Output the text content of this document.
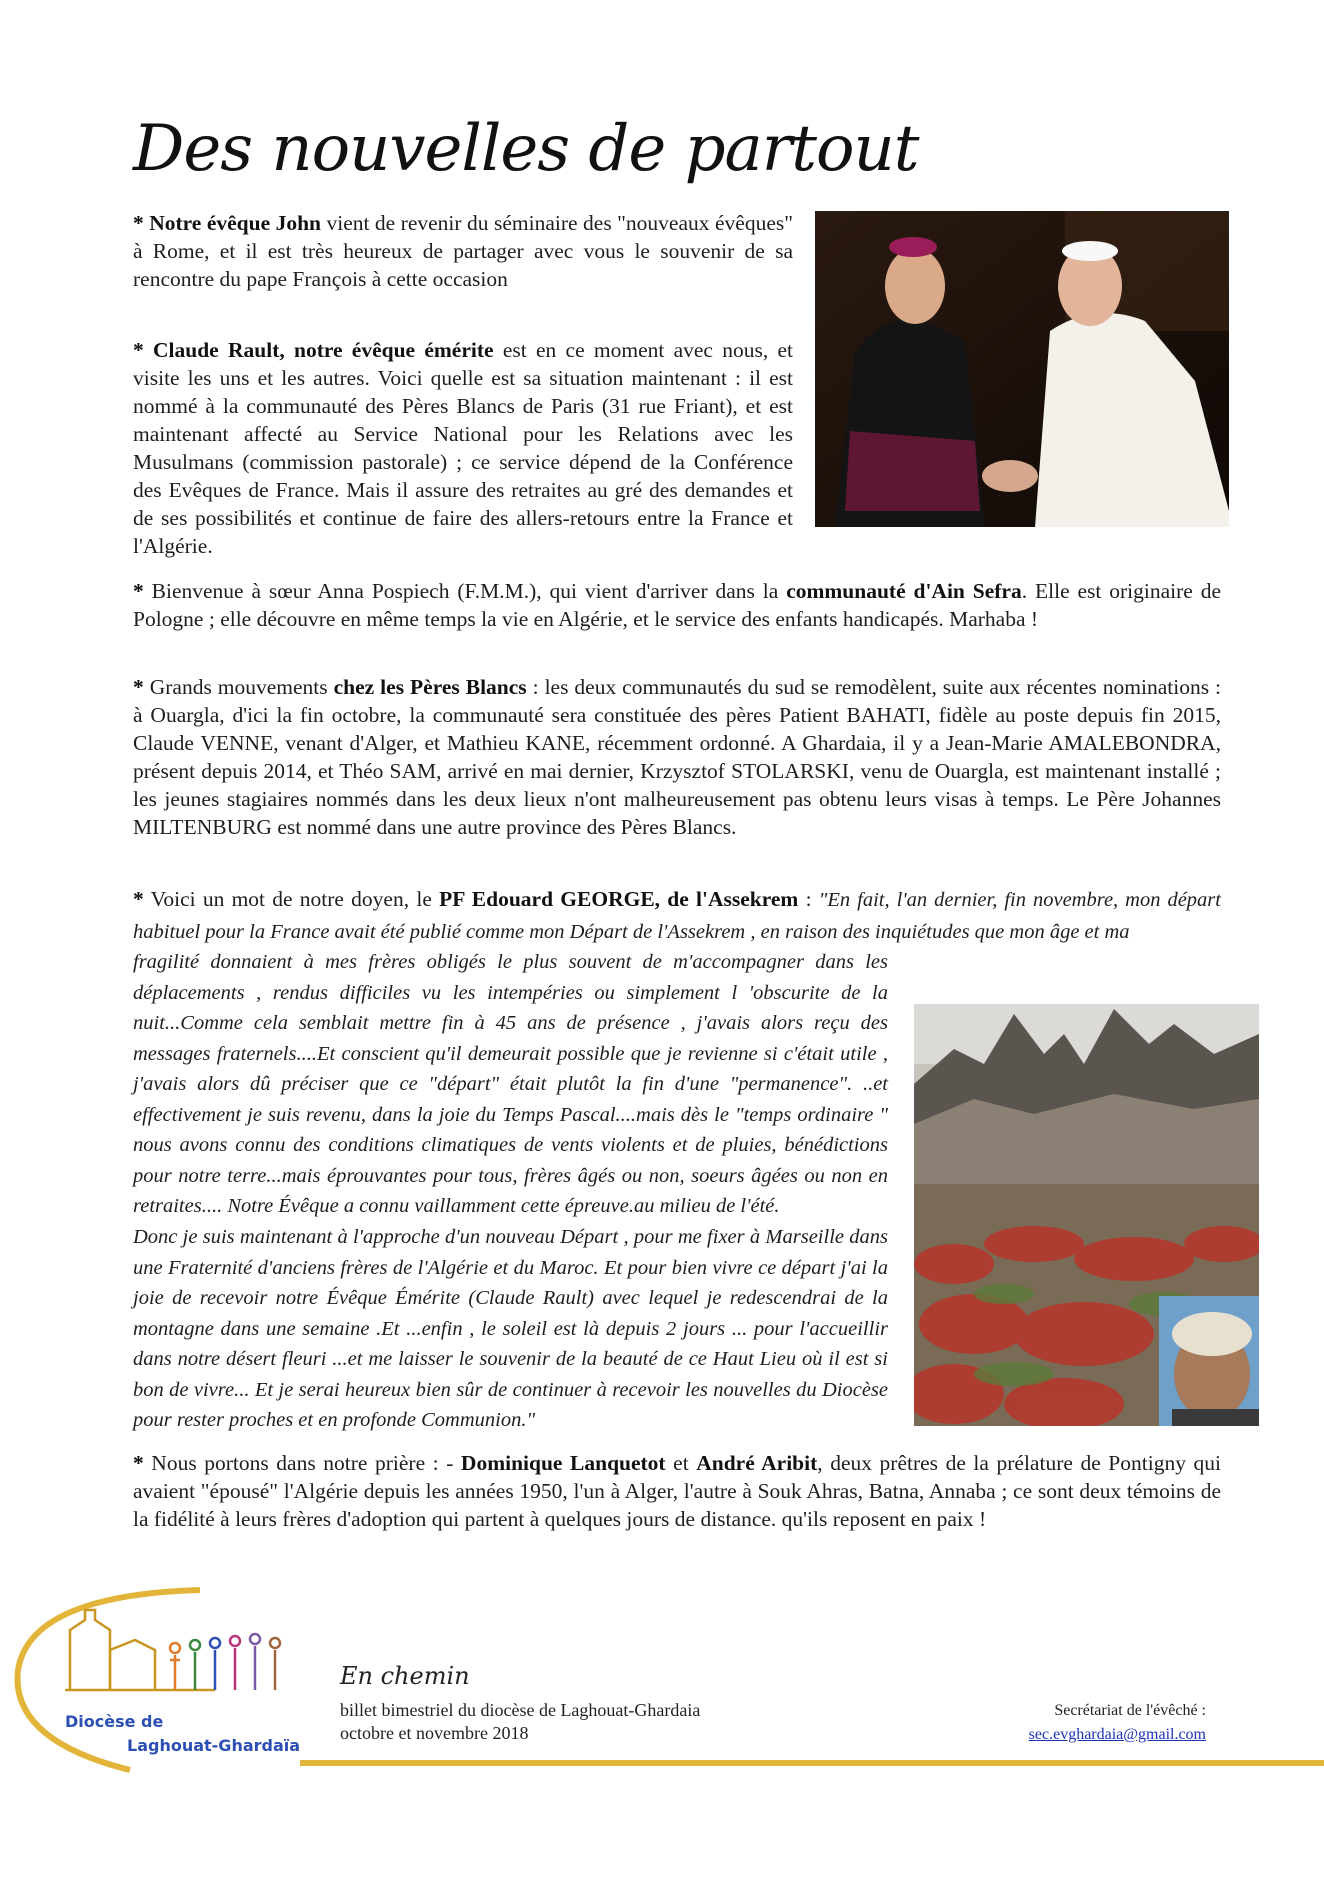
Des nouvelles de partout

* Notre évêque John vient de revenir du séminaire des "nouveaux évêques" à Rome, et il est très heureux de partager avec vous le souvenir de sa rencontre du pape François à cette occasion

* Claude Rault, notre évêque émérite est en ce moment avec nous, et visite les uns et les autres. Voici quelle est sa situation maintenant : il est nommé à la communauté des Pères Blancs de Paris (31 rue Friant), et est maintenant affecté au Service National pour les Relations avec les Musulmans (commission pastorale) ; ce service dépend de la Conférence des Evêques de France. Mais il assure des retraites au gré des demandes et de ses possibilités et continue de faire des allers-retours entre la France et l'Algérie.

* Bienvenue à sœur Anna Pospiech (F.M.M.), qui vient d'arriver dans la communauté d'Ain Sefra. Elle est originaire de Pologne ; elle découvre en même temps la vie en Algérie, et le service des enfants handicapés. Marhaba !

* Grands mouvements chez les Pères Blancs : les deux communautés du sud se remodèlent, suite aux récentes nominations : à Ouargla, d'ici la fin octobre, la communauté sera constituée des pères Patient BAHATI, fidèle au poste depuis fin 2015, Claude VENNE, venant d'Alger, et Mathieu KANE, récemment ordonné. A Ghardaia, il y a Jean-Marie AMALEBONDRA, présent depuis 2014, et Théo SAM, arrivé en mai dernier, Krzysztof STOLARSKI, venu de Ouargla, est maintenant installé ; les jeunes stagiaires nommés dans les deux lieux n'ont malheureusement pas obtenu leurs visas à temps. Le Père Johannes MILTENBURG est nommé dans une autre province des Pères Blancs.

* Voici un mot de notre doyen, le PF Edouard GEORGE, de l'Assekrem : "En fait, l'an dernier, fin novembre, mon départ habituel pour la France avait été publié comme mon Départ de l'Assekrem , en raison des inquiétudes que mon âge et ma

fragilité donnaient à mes frères obligés le plus souvent de m'accompagner dans les déplacements , rendus difficiles vu les intempéries ou simplement l 'obscurite de la nuit...Comme cela semblait mettre fin à 45 ans de présence , j'avais alors reçu des messages fraternels....Et conscient qu'il demeurait possible que je revienne si c'était utile , j'avais alors dû préciser que ce "départ" était plutôt la fin d'une "permanence". ..et effectivement je suis revenu, dans la joie du Temps Pascal....mais dès le "temps ordinaire " nous avons connu des conditions climatiques de vents violents et de pluies, bénédictions pour notre terre...mais éprouvantes pour tous, frères âgés ou non, soeurs âgées ou non en retraites.... Notre Évêque a connu vaillamment cette épreuve.au milieu de l'été.

Donc je suis maintenant à l'approche d'un nouveau Départ , pour me fixer à Marseille dans une Fraternité d'anciens frères de l'Algérie et du Maroc. Et pour bien vivre ce départ j'ai la joie de recevoir notre Évêque Émérite (Claude Rault) avec lequel je redescendrai de la montagne dans une semaine .Et ...enfin , le soleil est là depuis 2 jours ... pour l'accueillir dans notre désert fleuri ...et me laisser le souvenir de la beauté de ce Haut Lieu où il est si bon de vivre... Et je serai heureux bien sûr de continuer à recevoir les nouvelles du Diocèse pour rester proches et en profonde Communion."

* Nous portons dans notre prière : - Dominique Lanquetot et André Aribit, deux prêtres de la prélature de Pontigny qui avaient "épousé" l'Algérie depuis les années 1950, l'un à Alger, l'autre à Souk Ahras, Batna, Annaba ; ce sont deux témoins de la fidélité à leurs frères d'adoption qui partent à quelques jours de distance. qu'ils reposent en paix !

Diocèse de
Laghouat-Ghardaïa
En chemin
billet bimestriel du diocèse de Laghouat-Ghardaia
octobre et novembre 2018
Secrétariat de l'évêché :
sec.evghardaia@gmail.com
